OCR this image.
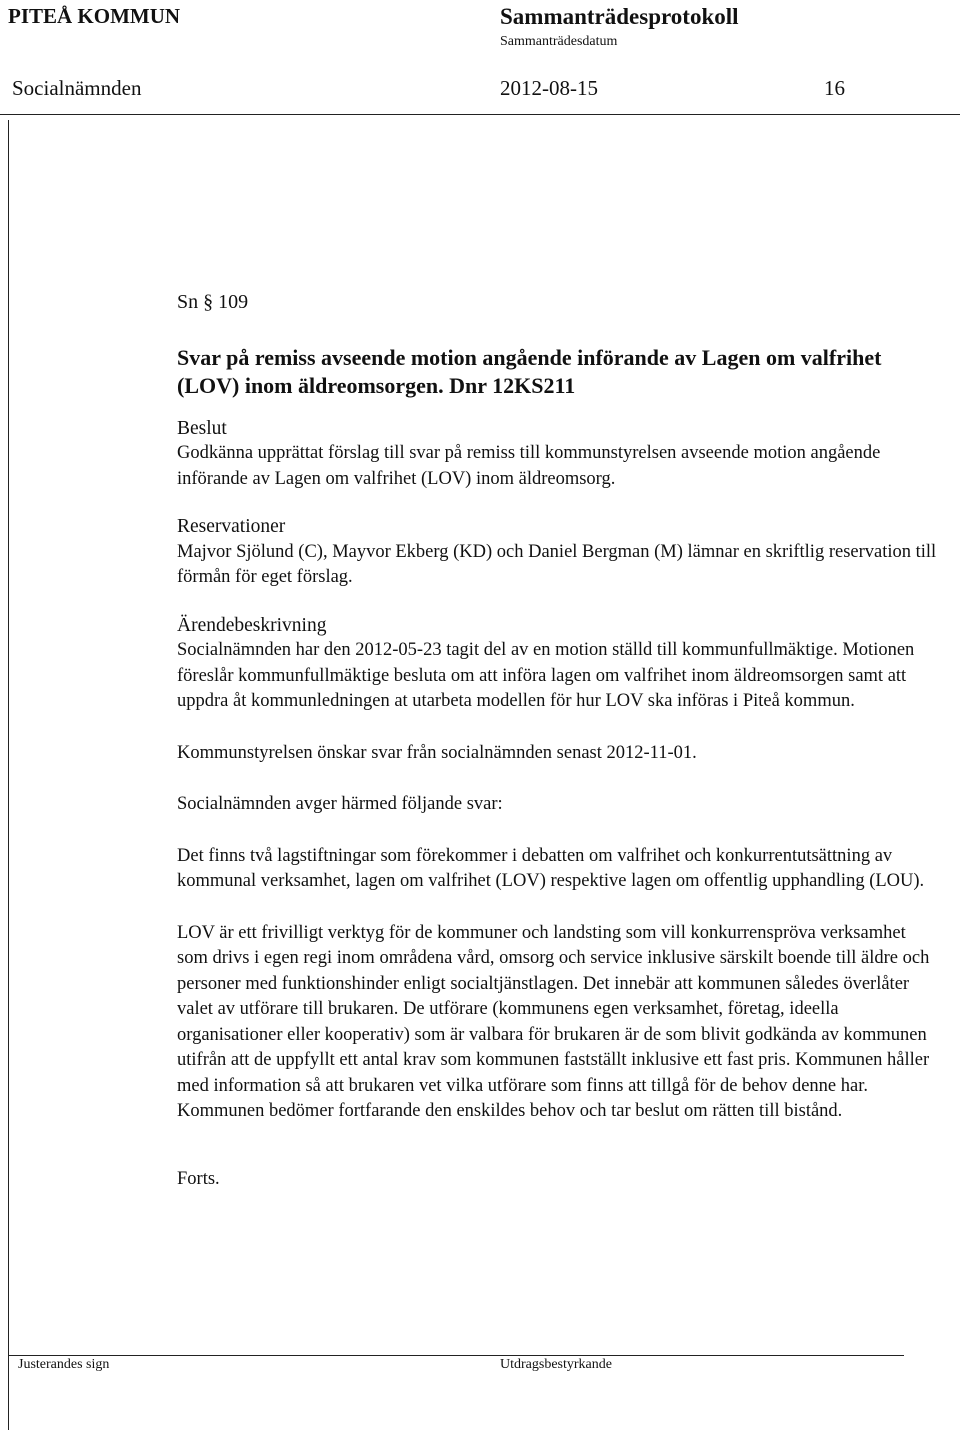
PITEÅ KOMMUN	Sammanträdesprotokoll
Sammanträdesdatum
Socialnämnden	2012-08-15	16

Sn § 109

Svar på remiss avseende motion angående införande av Lagen om valfrihet (LOV) inom äldreomsorgen. Dnr 12KS211

Beslut

Godkänna upprättat förslag till svar på remiss till kommunstyrelsen avseende motion angående införande av Lagen om valfrihet (LOV) inom äldreomsorg.

Reservationer

Majvor Sjölund (C), Mayvor Ekberg (KD) och Daniel Bergman (M) lämnar en skriftlig reservation till förmån för eget förslag.

Ärendebeskrivning

Socialnämnden har den 2012-05-23 tagit del av en motion ställd till kommunfullmäktige. Motionen föreslår kommunfullmäktige besluta om att införa lagen om valfrihet inom äldreomsorgen samt att uppdra åt kommunledningen at utarbeta modellen för hur LOV ska införas i Piteå kommun.

Kommunstyrelsen önskar svar från socialnämnden senast 2012-11-01.

Socialnämnden avger härmed följande svar:

Det finns två lagstiftningar som förekommer i debatten om valfrihet och konkurrentutsättning av kommunal verksamhet, lagen om valfrihet (LOV) respektive lagen om offentlig upphandling (LOU).

LOV är ett frivilligt verktyg för de kommuner och landsting som vill konkurrenspröva verksamhet som drivs i egen regi inom områdena vård, omsorg och service inklusive särskilt boende till äldre och personer med funktionshinder enligt socialtjänstlagen. Det innebär att kommunen således överlåter valet av utförare till brukaren. De utförare (kommunens egen verksamhet, företag, ideella organisationer eller kooperativ) som är valbara för brukaren är de som blivit godkända av kommunen utifrån att de uppfyllt ett antal krav som kommunen fastställt inklusive ett fast pris. Kommunen håller med information så att brukaren vet vilka utförare som finns att tillgå för de behov denne har. Kommunen bedömer fortfarande den enskildes behov och tar beslut om rätten till bistånd.

Forts.

Justerandes sign	Utdragsbestyrkande
